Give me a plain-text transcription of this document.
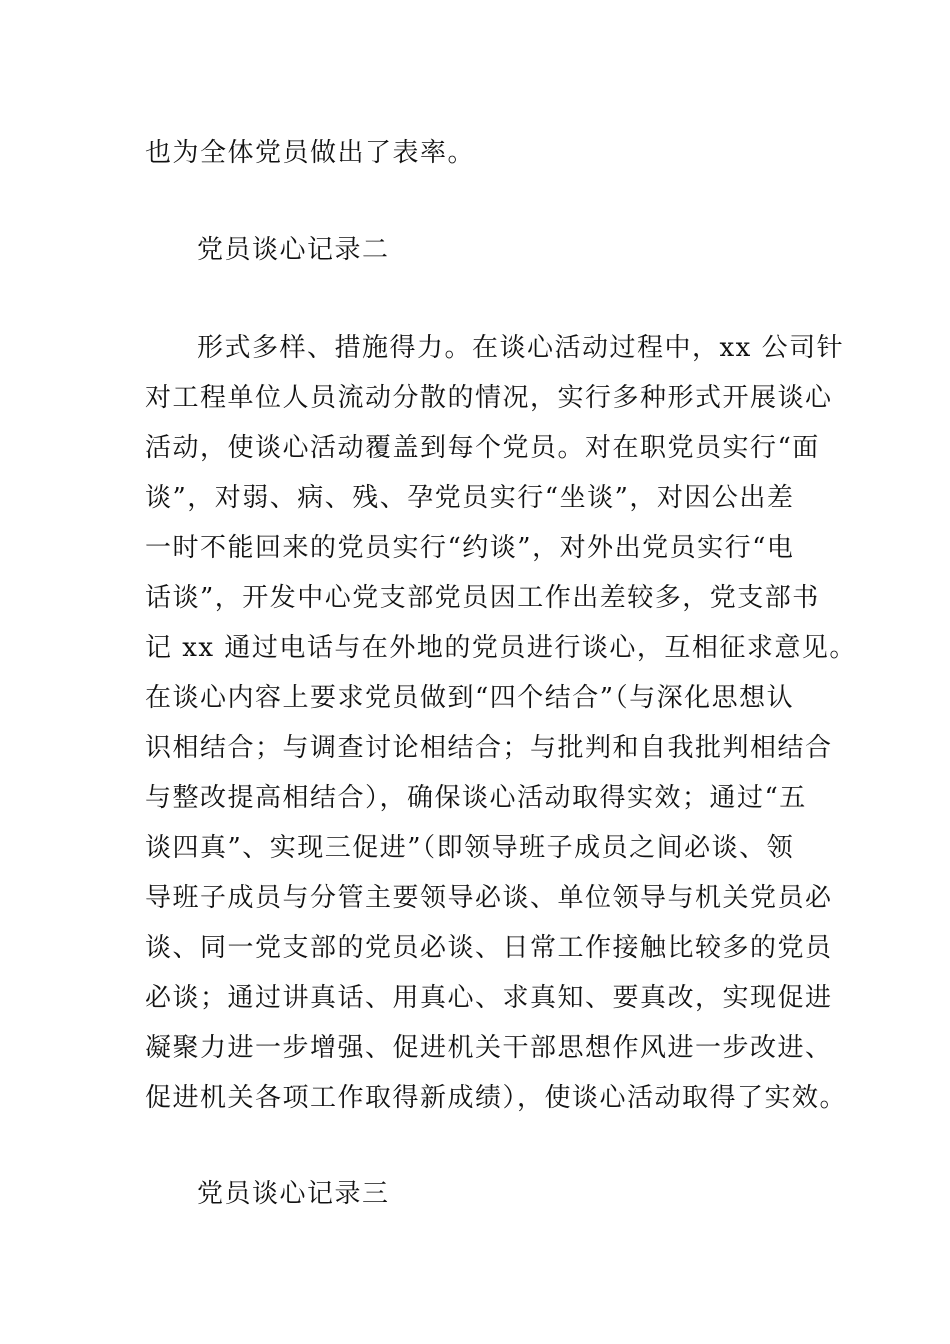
也为全体党员做出了表率。
党员谈心记录二
形式多样、措施得力。在谈心活动过程中，xx 公司针
对工程单位人员流动分散的情况，实行多种形式开展谈心
活动，使谈心活动覆盖到每个党员。对在职党员实行“面
谈”，对弱、病、残、孕党员实行“坐谈”，对因公出差
一时不能回来的党员实行“约谈”，对外出党员实行“电
话谈”，开发中心党支部党员因工作出差较多，党支部书
记 xx 通过电话与在外地的党员进行谈心，互相征求意见。
在谈心内容上要求党员做到“四个结合”（与深化思想认
识相结合；与调查讨论相结合；与批判和自我批判相结合
与整改提高相结合），确保谈心活动取得实效；通过“五
谈四真”、实现三促进”（即领导班子成员之间必谈、领
导班子成员与分管主要领导必谈、单位领导与机关党员必
谈、同一党支部的党员必谈、日常工作接触比较多的党员
必谈；通过讲真话、用真心、求真知、要真改，实现促进
凝聚力进一步增强、促进机关干部思想作风进一步改进、
促进机关各项工作取得新成绩），使谈心活动取得了实效。
党员谈心记录三
